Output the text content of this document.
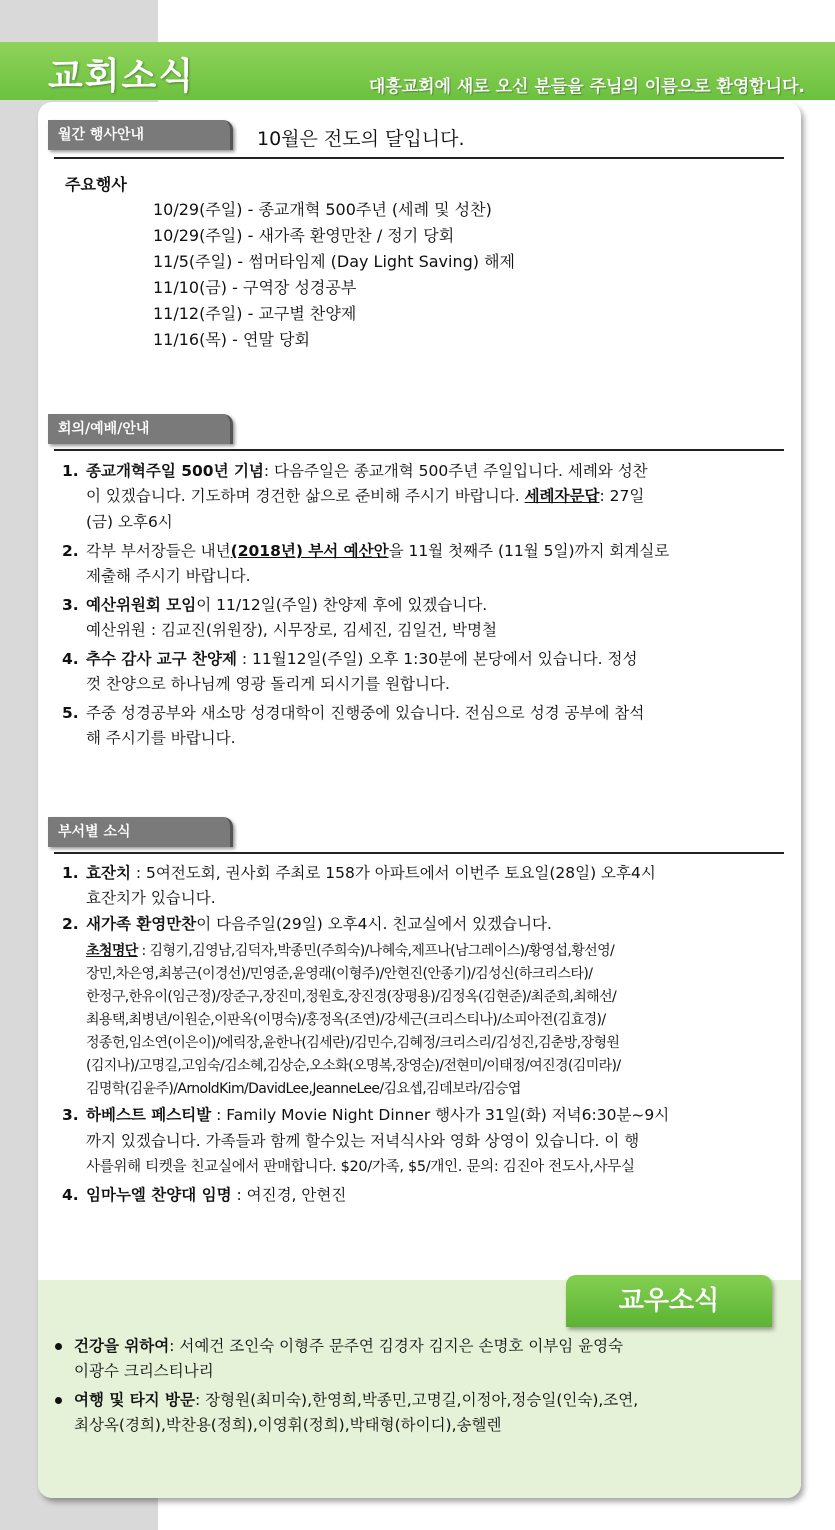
교회소식	대흥교회에 새로 오신 분들을 주님의 이름으로 환영합니다.
월간 행사안내	10월은 전도의 달입니다.
주요행사
10/29(주일) - 종교개혁 500주년 (세례 및 성찬)
10/29(주일) - 새가족 환영만찬 / 정기 당회
11/5(주일) - 썸머타임제 (Day Light Saving) 해제
11/10(금) - 구역장 성경공부
11/12(주일) - 교구별 찬양제
11/16(목) - 연말 당회
회의/예배/안내
1. 종교개혁주일 500년 기념: 다음주일은 종교개혁 500주년 주일입니다. 세례와 성찬
이 있겠습니다. 기도하며 경건한 삶으로 준비해 주시기 바랍니다. 세례자문답: 27일
(금) 오후6시
2. 각부 부서장들은 내년(2018년) 부서 예산안을 11월 첫째주 (11월 5일)까지 회계실로
제출해 주시기 바랍니다.
3. 예산위원회 모임이 11/12일(주일) 찬양제 후에 있겠습니다.
예산위원 : 김교진(위원장), 시무장로, 김세진, 김일건, 박명철
4. 추수 감사 교구 찬양제 : 11월12일(주일) 오후 1:30분에 본당에서 있습니다. 정성
껏 찬양으로 하나님께 영광 돌리게 되시기를 원합니다.
5. 주중 성경공부와 새소망 성경대학이 진행중에 있습니다. 전심으로 성경 공부에 참석
해 주시기를 바랍니다.
부서별 소식
1. 효잔치 : 5여전도회, 권사회 주최로 158가 아파트에서 이번주 토요일(28일) 오후4시
효잔치가 있습니다.
2. 새가족 환영만찬이 다음주일(29일) 오후4시. 친교실에서 있겠습니다.
초청명단 : 김형기,김영남,김덕자,박종민(주희숙)/나혜숙,제프나(남그레이스)/황영섭,황선영/
장민,차은영,최봉근(이경선)/민영준,윤영래(이형주)/안현진(안종기)/김성신(하크리스타)/
한정구,한유이(임근정)/장준구,장진미,정원호,장진경(장평용)/김정옥(김현준)/최준희,최해선/
최용택,최병년/이원순,이판옥(이명숙)/홍정옥(조연)/강세근(크리스티나)/소피아전(김효경)/
정종헌,임소연(이은이)/에릭장,윤한나(김세란)/김민수,김혜정/크리스리/김성진,김춘방,장형원
(김지나)/고명길,고임숙/김소혜,김상순,오소화(오명복,장영순)/전현미/이태정/여진경(김미라)/
김명학(김윤주)/ArnoldKim/DavidLee,JeanneLee/김요셉,김데보라/김승엽
3. 하베스트 페스티발 : Family Movie Night Dinner 행사가 31일(화) 저녁6:30분~9시
까지 있겠습니다. 가족들과 함께 할수있는 저녁식사와 영화 상영이 있습니다. 이 행
사를위해 티켓을 친교실에서 판매합니다. $20/가족, $5/개인. 문의: 김진아 전도사,사무실
4. 임마누엘 찬양대 임명 : 여진경, 안현진
교우소식
건강을 위하여: 서예건 조인숙 이형주 문주연 김경자 김지은 손명호 이부임 윤영숙
이광수 크리스티나리
여행 및 타지 방문: 장형원(최미숙),한영희,박종민,고명길,이정아,정승일(인숙),조연,
최상옥(경희),박찬용(정희),이영휘(정희),박태형(하이디),송헬렌
